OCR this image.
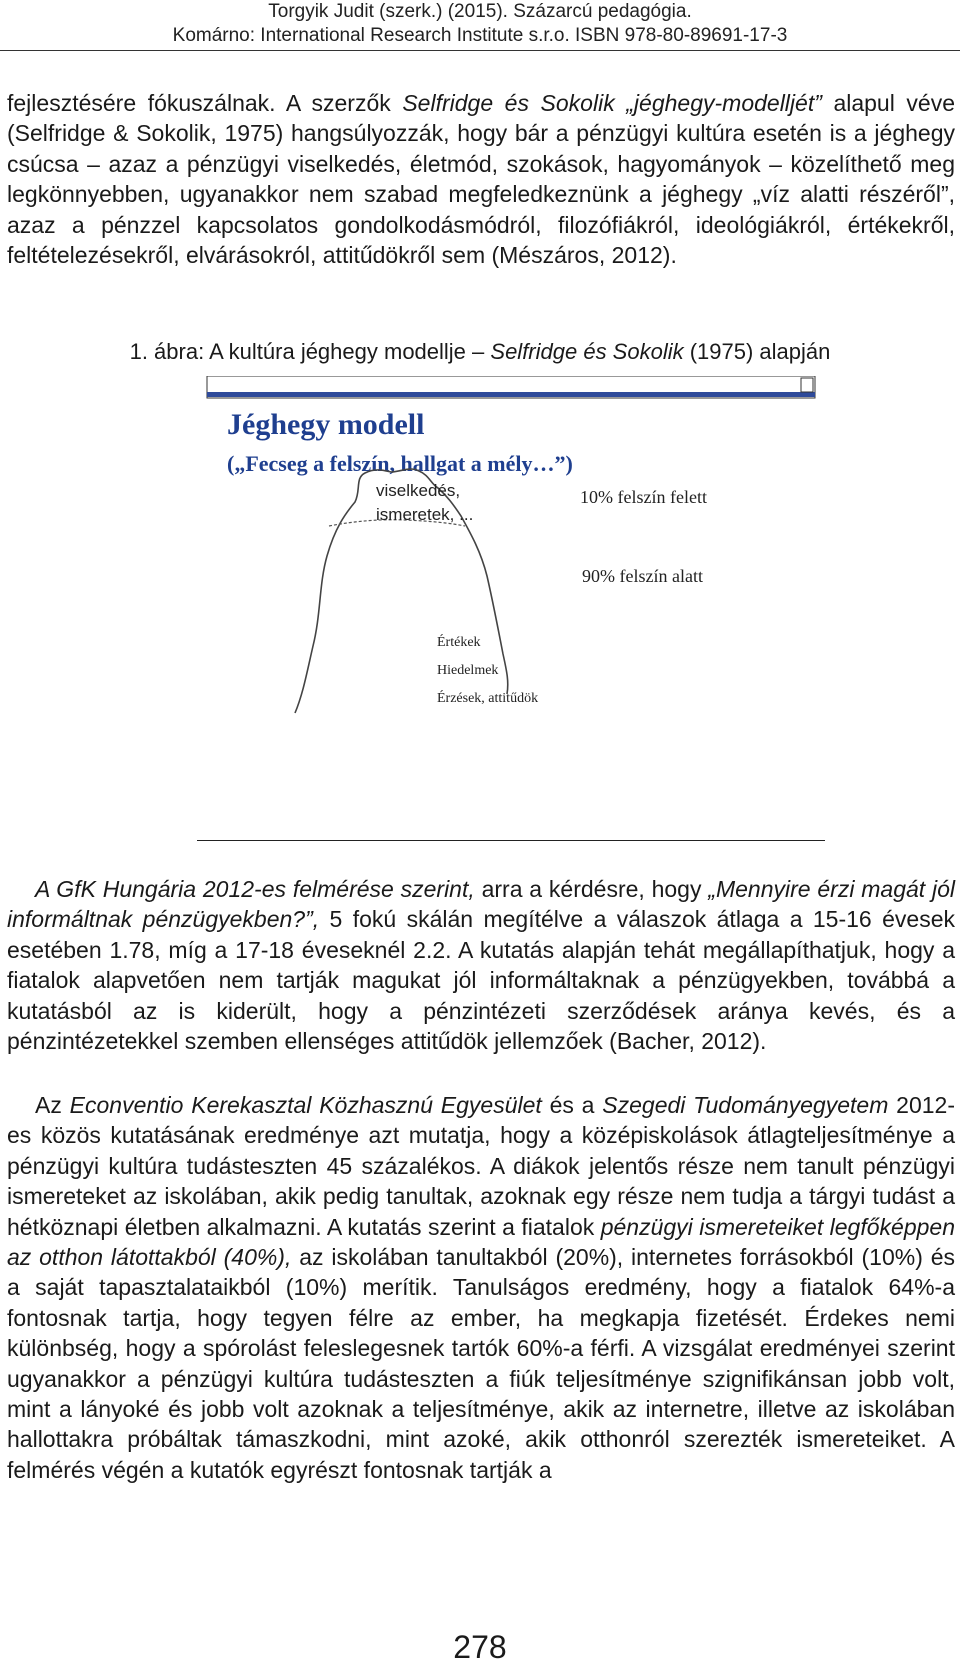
Torgyik Judit (szerk.) (2015). Százarcú pedagógia.
Komárno: International Research Institute s.r.o. ISBN 978-80-89691-17-3

fejlesztésére fókuszálnak. A szerzők Selfridge és Sokolik „jéghegy-modelljét” alapul véve (Selfridge & Sokolik, 1975) hangsúlyozzák, hogy bár a pénzügyi kultúra esetén is a jéghegy csúcsa – azaz a pénzügyi viselkedés, életmód, szokások, hagyományok – közelíthető meg legkönnyebben, ugyanakkor nem szabad megfeledkeznünk a jéghegy „víz alatti részéről”, azaz a pénzzel kapcsolatos gondolkodásmódról, filozófiákról, ideológiákról, értékekről, feltételezésekről, elvárásokról, attitűdökről sem (Mészáros, 2012).

1. ábra: A kultúra jéghegy modellje – Selfridge és Sokolik (1975) alapján
Jéghegy modell
(„Fecseg a felszín, hallgat a mély…”)
viselkedés,
ismeretek, ...
10% felszín felett
90% felszín alatt
Értékek
Hiedelmek
Érzések, attitűdök

A GfK Hungária 2012-es felmérése szerint, arra a kérdésre, hogy „Mennyire érzi magát jól informáltnak pénzügyekben?”, 5 fokú skálán megítélve a válaszok átlaga a 15-16 évesek esetében 1.78, míg a 17-18 éveseknél 2.2. A kutatás alapján tehát megállapíthatjuk, hogy a fiatalok alapvetően nem tartják magukat jól informáltaknak a pénzügyekben, továbbá a kutatásból az is kiderült, hogy a pénzintézeti szerződések aránya kevés, és a pénzintézetekkel szemben ellenséges attitűdök jellemzőek (Bacher, 2012).

Az Econventio Kerekasztal Közhasznú Egyesület és a Szegedi Tudományegyetem 2012-es közös kutatásának eredménye azt mutatja, hogy a középiskolások átlagteljesítménye a pénzügyi kultúra tudásteszten 45 százalékos. A diákok jelentős része nem tanult pénzügyi ismereteket az iskolában, akik pedig tanultak, azoknak egy része nem tudja a tárgyi tudást a hétköznapi életben alkalmazni. A kutatás szerint a fiatalok pénzügyi ismereteiket legfőképpen az otthon látottakból (40%), az iskolában tanultakból (20%), internetes forrásokból (10%) és a saját tapasztalataikból (10%) merítik. Tanulságos eredmény, hogy a fiatalok 64%-a fontosnak tartja, hogy tegyen félre az ember, ha megkapja fizetését. Érdekes nemi különbség, hogy a spórolást feleslegesnek tartók 60%-a férfi. A vizsgálat eredményei szerint ugyanakkor a pénzügyi kultúra tudásteszten a fiúk teljesítménye szignifikánsan jobb volt, mint a lányoké és jobb volt azoknak a teljesítménye, akik az internetre, illetve az iskolában hallottakra próbáltak támaszkodni, mint azoké, akik otthonról szerezték ismereteiket. A felmérés végén a kutatók egyrészt fontosnak tartják a

278
